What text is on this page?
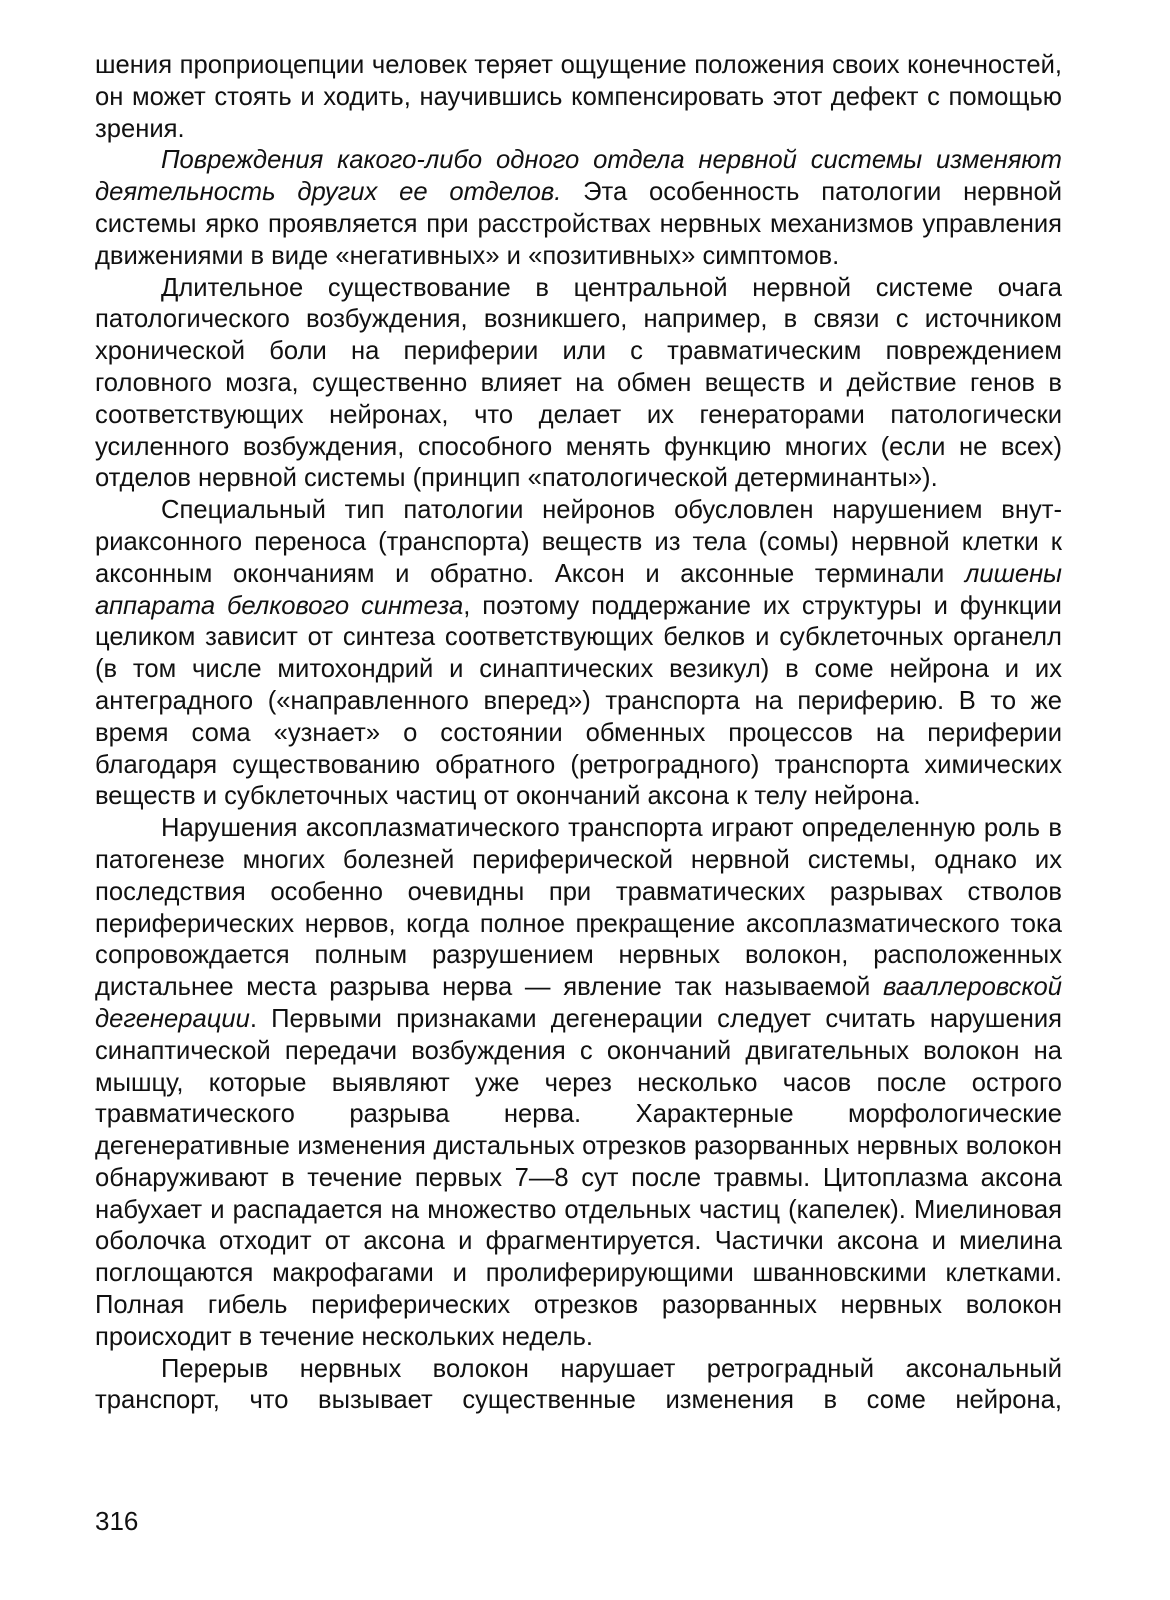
шения проприоцепции человек теряет ощущение положения своих конечностей, он может стоять и ходить, научившись компенсировать этот дефект с помощью зрения.

Повреждения какого-либо одного отдела нервной системы изменяют деятельность других ее отделов. Эта особенность патологии нервной системы ярко проявляется при расстройствах нервных механизмов управления движениями в виде «негативных» и «позитивных» симптомов.

Длительное существование в центральной нервной системе очага патологического возбуждения, возникшего, например, в связи с источником хронической боли на периферии или с травматическим повреждением головного мозга, существенно влияет на обмен веществ и действие генов в соответствующих нейронах, что делает их генераторами патологически усиленного возбуждения, способного менять функцию многих (если не всех) отделов нервной системы (принцип «патологической детерминанты»).

Специальный тип патологии нейронов обусловлен нарушением внутриаксонного переноса (транспорта) веществ из тела (сомы) нервной клетки к аксонным окончаниям и обратно. Аксон и аксонные терминали лишены аппарата белкового синтеза, поэтому поддержание их структуры и функции целиком зависит от синтеза соответствующих белков и субклеточных органелл (в том числе митохондрий и синаптических везикул) в соме нейрона и их антеградного («направленного вперед») транспорта на периферию. В то же время сома «узнает» о состоянии обменных процессов на периферии благодаря существованию обратного (ретроградного) транспорта химических веществ и субклеточных частиц от окончаний аксона к телу нейрона.

Нарушения аксоплазматического транспорта играют определенную роль в патогенезе многих болезней периферической нервной системы, однако их последствия особенно очевидны при травматических разрывах стволов периферических нервов, когда полное прекращение аксоплазматического тока сопровождается полным разрушением нервных волокон, расположенных дистальнее места разрыва нерва — явление так называемой ваaллеровской дегенерации. Первыми признаками дегенерации следует считать нарушения синаптической передачи возбуждения с окончаний двигательных волокон на мышцу, которые выявляют уже через несколько часов после острого травматического разрыва нерва. Характерные морфологические дегенеративные изменения дистальных отрезков разорванных нервных волокон обнаруживают в течение первых 7—8 сут после травмы. Цитоплазма аксона набухает и распадается на множество отдельных частиц (капелек). Миелиновая оболочка отходит от аксона и фрагментируется. Частички аксона и миелина поглощаются макрофагами и пролиферирующими шванновскими клетками. Полная гибель периферических отрезков разорванных нервных волокон происходит в течение нескольких недель.

Перерыв нервных волокон нарушает ретроградный аксональный транспорт, что вызывает существенные изменения в соме нейрона,

316
